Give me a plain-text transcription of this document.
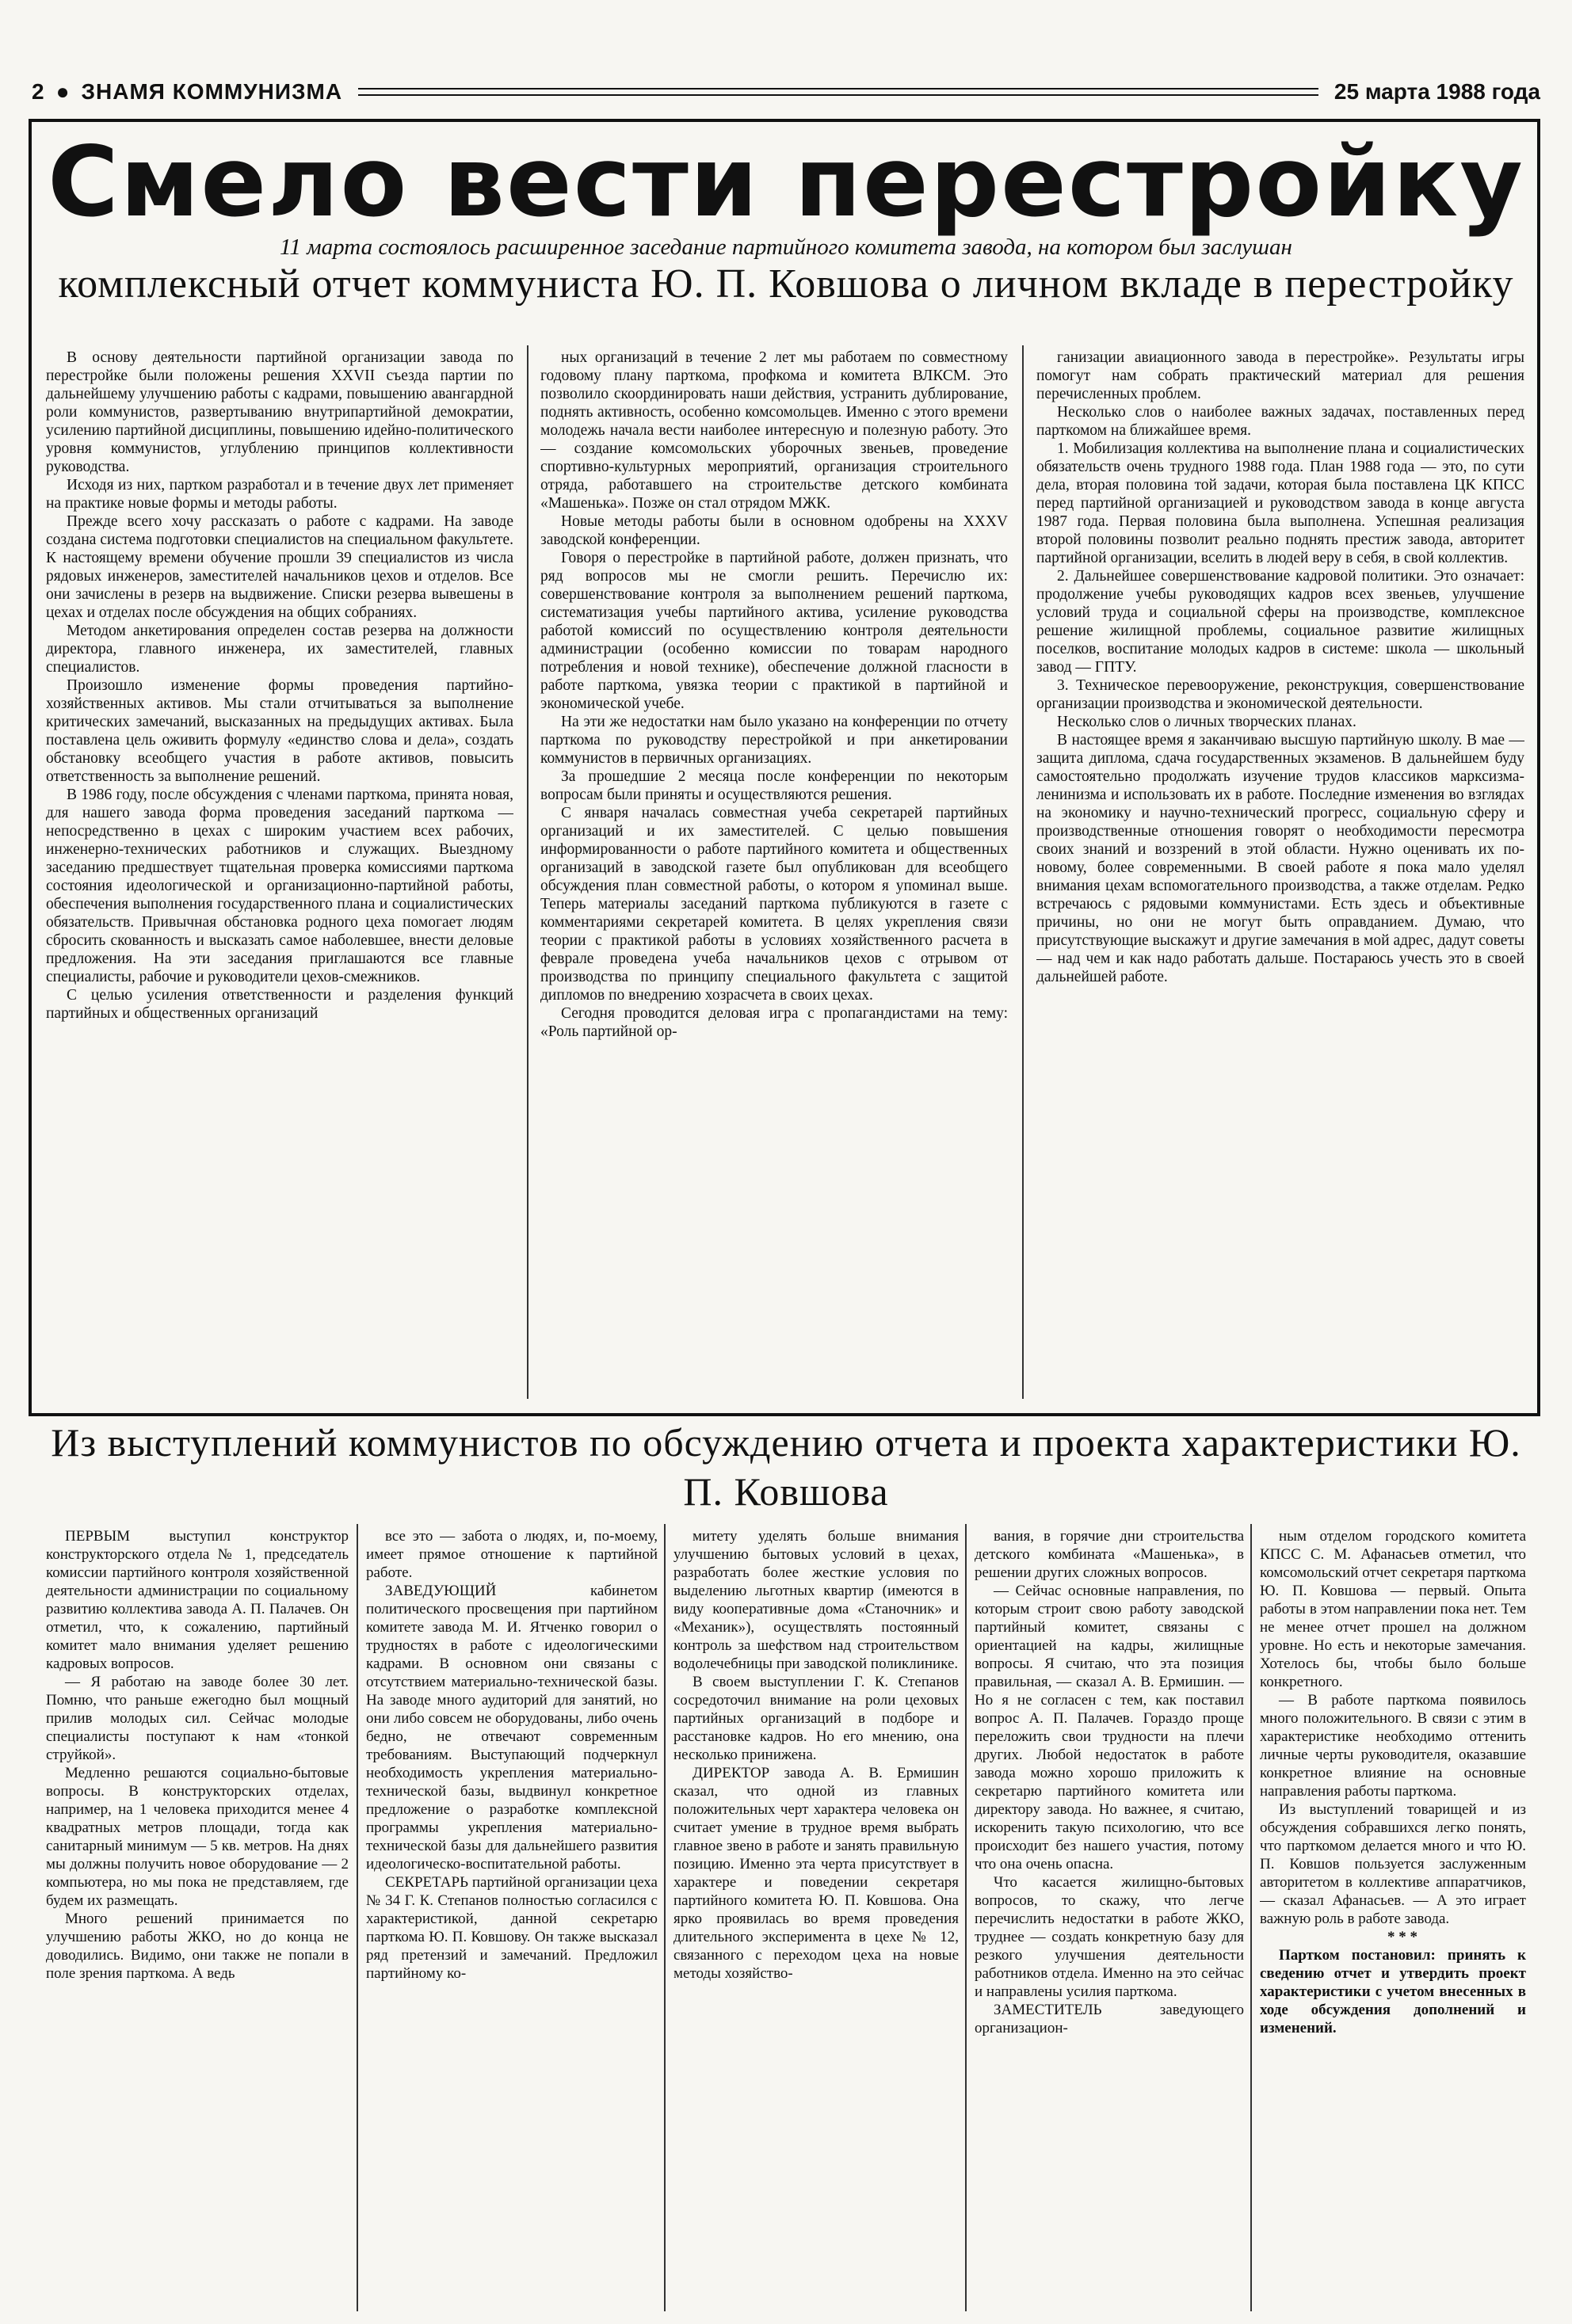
2 ● ЗНАМЯ КОММУНИЗМА	25 марта 1988 года
Смело вести перестройку
11 марта состоялось расширенное заседание партийного комитета завода, на котором был заслушан
комплексный отчет коммуниста Ю. П. Ковшова о личном вкладе в перестройку

В основу деятельности партийной организации завода по перестройке были положены решения XXVII съезда партии по дальнейшему улучшению работы с кадрами, повышению авангардной роли коммунистов, развертыванию внутрипартийной демократии, усилению партийной дисциплины, повышению идейно-политического уровня коммунистов, углублению принципов коллективности руководства.

Исходя из них, партком разработал и в течение двух лет применяет на практике новые формы и методы работы.

Прежде всего хочу рассказать о работе с кадрами. На заводе создана система подготовки специалистов на специальном факультете. К настоящему времени обучение прошли 39 специалистов из числа рядовых инженеров, заместителей начальников цехов и отделов. Все они зачислены в резерв на выдвижение. Списки резерва вывешены в цехах и отделах после обсуждения на общих собраниях.

Методом анкетирования определен состав резерва на должности директора, главного инженера, их заместителей, главных специалистов.

Произошло изменение формы проведения партийно-хозяйственных активов. Мы стали отчитываться за выполнение критических замечаний, высказанных на предыдущих активах. Была поставлена цель оживить формулу «единство слова и дела», создать обстановку всеобщего участия в работе активов, повысить ответственность за выполнение решений.

В 1986 году, после обсуждения с членами парткома, принята новая, для нашего завода форма проведения заседаний парткома — непосредственно в цехах с широким участием всех рабочих, инженерно-технических работников и служащих. Выездному заседанию предшествует тщательная проверка комиссиями парткома состояния идеологической и организационно-партийной работы, обеспечения выполнения государственного плана и социалистических обязательств. Привычная обстановка родного цеха помогает людям сбросить скованность и высказать самое наболевшее, внести деловые предложения. На эти заседания приглашаются все главные специалисты, рабочие и руководители цехов-смежников.

С целью усиления ответственности и разделения функций партийных и общественных организаций

ных организаций в течение 2 лет мы работаем по совместному годовому плану парткома, профкома и комитета ВЛКСМ. Это позволило скоординировать наши действия, устранить дублирование, поднять активность, особенно комсомольцев. Именно с этого времени молодежь начала вести наиболее интересную и полезную работу. Это — создание комсомольских уборочных звеньев, проведение спортивно-культурных мероприятий, организация строительного отряда, работавшего на строительстве детского комбината «Машенька». Позже он стал отрядом МЖК.

Новые методы работы были в основном одобрены на XXXV заводской конференции.

Говоря о перестройке в партийной работе, должен признать, что ряд вопросов мы не смогли решить. Перечислю их: совершенствование контроля за выполнением решений парткома, систематизация учебы партийного актива, усиление руководства работой комиссий по осуществлению контроля деятельности администрации (особенно комиссии по товарам народного потребления и новой технике), обеспечение должной гласности в работе парткома, увязка теории с практикой в партийной и экономической учебе.

На эти же недостатки нам было указано на конференции по отчету парткома по руководству перестройкой и при анкетировании коммунистов в первичных организациях.

За прошедшие 2 месяца после конференции по некоторым вопросам были приняты и осуществляются решения.

С января началась совместная учеба секретарей партийных организаций и их заместителей. С целью повышения информированности о работе партийного комитета и общественных организаций в заводской газете был опубликован для всеобщего обсуждения план совместной работы, о котором я упоминал выше. Теперь материалы заседаний парткома публикуются в газете с комментариями секретарей комитета. В целях укрепления связи теории с практикой работы в условиях хозяйственного расчета в феврале проведена учеба начальников цехов с отрывом от производства по принципу специального факультета с защитой дипломов по внедрению хозрасчета в своих цехах.

Сегодня проводится деловая игра с пропагандистами на тему: «Роль партийной ор-

ганизации авиационного завода в перестройке». Результаты игры помогут нам собрать практический материал для решения перечисленных проблем.

Несколько слов о наиболее важных задачах, поставленных перед парткомом на ближайшее время.

1. Мобилизация коллектива на выполнение плана и социалистических обязательств очень трудного 1988 года. План 1988 года — это, по сути дела, вторая половина той задачи, которая была поставлена ЦК КПСС перед партийной организацией и руководством завода в конце августа 1987 года. Первая половина была выполнена. Успешная реализация второй половины позволит реально поднять престиж завода, авторитет партийной организации, вселить в людей веру в себя, в свой коллектив.

2. Дальнейшее совершенствование кадровой политики. Это означает: продолжение учебы руководящих кадров всех звеньев, улучшение условий труда и социальной сферы на производстве, комплексное решение жилищной проблемы, социальное развитие жилищных поселков, воспитание молодых кадров в системе: школа — школьный завод — ГПТУ.

3. Техническое перевооружение, реконструкция, совершенствование организации производства и экономической деятельности.

Несколько слов о личных творческих планах.

В настоящее время я заканчиваю высшую партийную школу. В мае — защита диплома, сдача государственных экзаменов. В дальнейшем буду самостоятельно продолжать изучение трудов классиков марксизма-ленинизма и использовать их в работе. Последние изменения во взглядах на экономику и научно-технический прогресс, социальную сферу и производственные отношения говорят о необходимости пересмотра своих знаний и воззрений в этой области. Нужно оценивать их по-новому, более современными. В своей работе я пока мало уделял внимания цехам вспомогательного производства, а также отделам. Редко встречаюсь с рядовыми коммунистами. Есть здесь и объективные причины, но они не могут быть оправданием. Думаю, что присутствующие выскажут и другие замечания в мой адрес, дадут советы — над чем и как надо работать дальше. Постараюсь учесть это в своей дальнейшей работе.

Из выступлений коммунистов по обсуждению отчета и проекта характеристики Ю. П. Ковшова

ПЕРВЫМ выступил конструктор конструкторского отдела № 1, председатель комиссии партийного контроля хозяйственной деятельности администрации по социальному развитию коллектива завода А. П. Палачев. Он отметил, что, к сожалению, партийный комитет мало внимания уделяет решению кадровых вопросов.

— Я работаю на заводе более 30 лет. Помню, что раньше ежегодно был мощный прилив молодых сил. Сейчас молодые специалисты поступают к нам «тонкой струйкой».

Медленно решаются социально-бытовые вопросы. В конструкторских отделах, например, на 1 человека приходится менее 4 квадратных метров площади, тогда как санитарный минимум — 5 кв. метров. На днях мы должны получить новое оборудование — 2 компьютера, но мы пока не представляем, где будем их размещать.

Много решений принимается по улучшению работы ЖКО, но до конца не доводились. Видимо, они также не попали в поле зрения парткома. А ведь

все это — забота о людях, и, по-моему, имеет прямое отношение к партийной работе.

ЗАВЕДУЮЩИЙ кабинетом политического просвещения при партийном комитете завода М. И. Ятченко говорил о трудностях в работе с идеологическими кадрами. В основном они связаны с отсутствием материально-технической базы. На заводе много аудиторий для занятий, но они либо совсем не оборудованы, либо очень бедно, не отвечают современным требованиям. Выступающий подчеркнул необходимость укрепления материально-технической базы, выдвинул конкретное предложение о разработке комплексной программы укрепления материально-технической базы для дальнейшего развития идеологическо-воспитательной работы.

СЕКРЕТАРЬ партийной организации цеха № 34 Г. К. Степанов полностью согласился с характеристикой, данной секретарю парткома Ю. П. Ковшову. Он также высказал ряд претензий и замечаний. Предложил партийному ко-

митету уделять больше внимания улучшению бытовых условий в цехах, разработать более жесткие условия по выделению льготных квартир (имеются в виду кооперативные дома «Станочник» и «Механик»), осуществлять постоянный контроль за шефством над строительством водолечебницы при заводской поликлинике.

В своем выступлении Г. К. Степанов сосредоточил внимание на роли цеховых партийных организаций в подборе и расстановке кадров. Но его мнению, она несколько принижена.

ДИРЕКТОР завода А. В. Ермишин сказал, что одной из главных положительных черт характера человека он считает умение в трудное время выбрать главное звено в работе и занять правильную позицию. Именно эта черта присутствует в характере и поведении секретаря партийного комитета Ю. П. Ковшова. Она ярко проявилась во время проведения длительного эксперимента в цехе № 12, связанного с переходом цеха на новые методы хозяйство-

вания, в горячие дни строительства детского комбината «Машенька», в решении других сложных вопросов.

— Сейчас основные направления, по которым строит свою работу заводской партийный комитет, связаны с ориентацией на кадры, жилищные вопросы. Я считаю, что эта позиция правильная, — сказал А. В. Ермишин. — Но я не согласен с тем, как поставил вопрос А. П. Палачев. Гораздо проще переложить свои трудности на плечи других. Любой недостаток в работе завода можно хорошо приложить к секретарю партийного комитета или директору завода. Но важнее, я считаю, искоренить такую психологию, что все происходит без нашего участия, потому что она очень опасна.

Что касается жилищно-бытовых вопросов, то скажу, что легче перечислить недостатки в работе ЖКО, труднее — создать конкретную базу для резкого улучшения деятельности работников отдела. Именно на это сейчас и направлены усилия парткома.

ЗАМЕСТИТЕЛЬ заведующего организацион-

ным отделом городского комитета КПСС С. М. Афанасьев отметил, что комсомольский отчет секретаря парткома Ю. П. Ковшова — первый. Опыта работы в этом направлении пока нет. Тем не менее отчет прошел на должном уровне. Но есть и некоторые замечания. Хотелось бы, чтобы было больше конкретного.

— В работе парткома появилось много положительного. В связи с этим в характеристике необходимо оттенить личные черты руководителя, оказавшие конкретное влияние на основные направления работы парткома.

Из выступлений товарищей и из обсуждения собравшихся легко понять, что парткомом делается много и что Ю. П. Ковшов пользуется заслуженным авторитетом в коллективе аппаратчиков, — сказал Афанасьев. — А это играет важную роль в работе завода.

* * *

Партком постановил: принять к сведению отчет и утвердить проект характеристики с учетом внесенных в ходе обсуждения дополнений и изменений.
